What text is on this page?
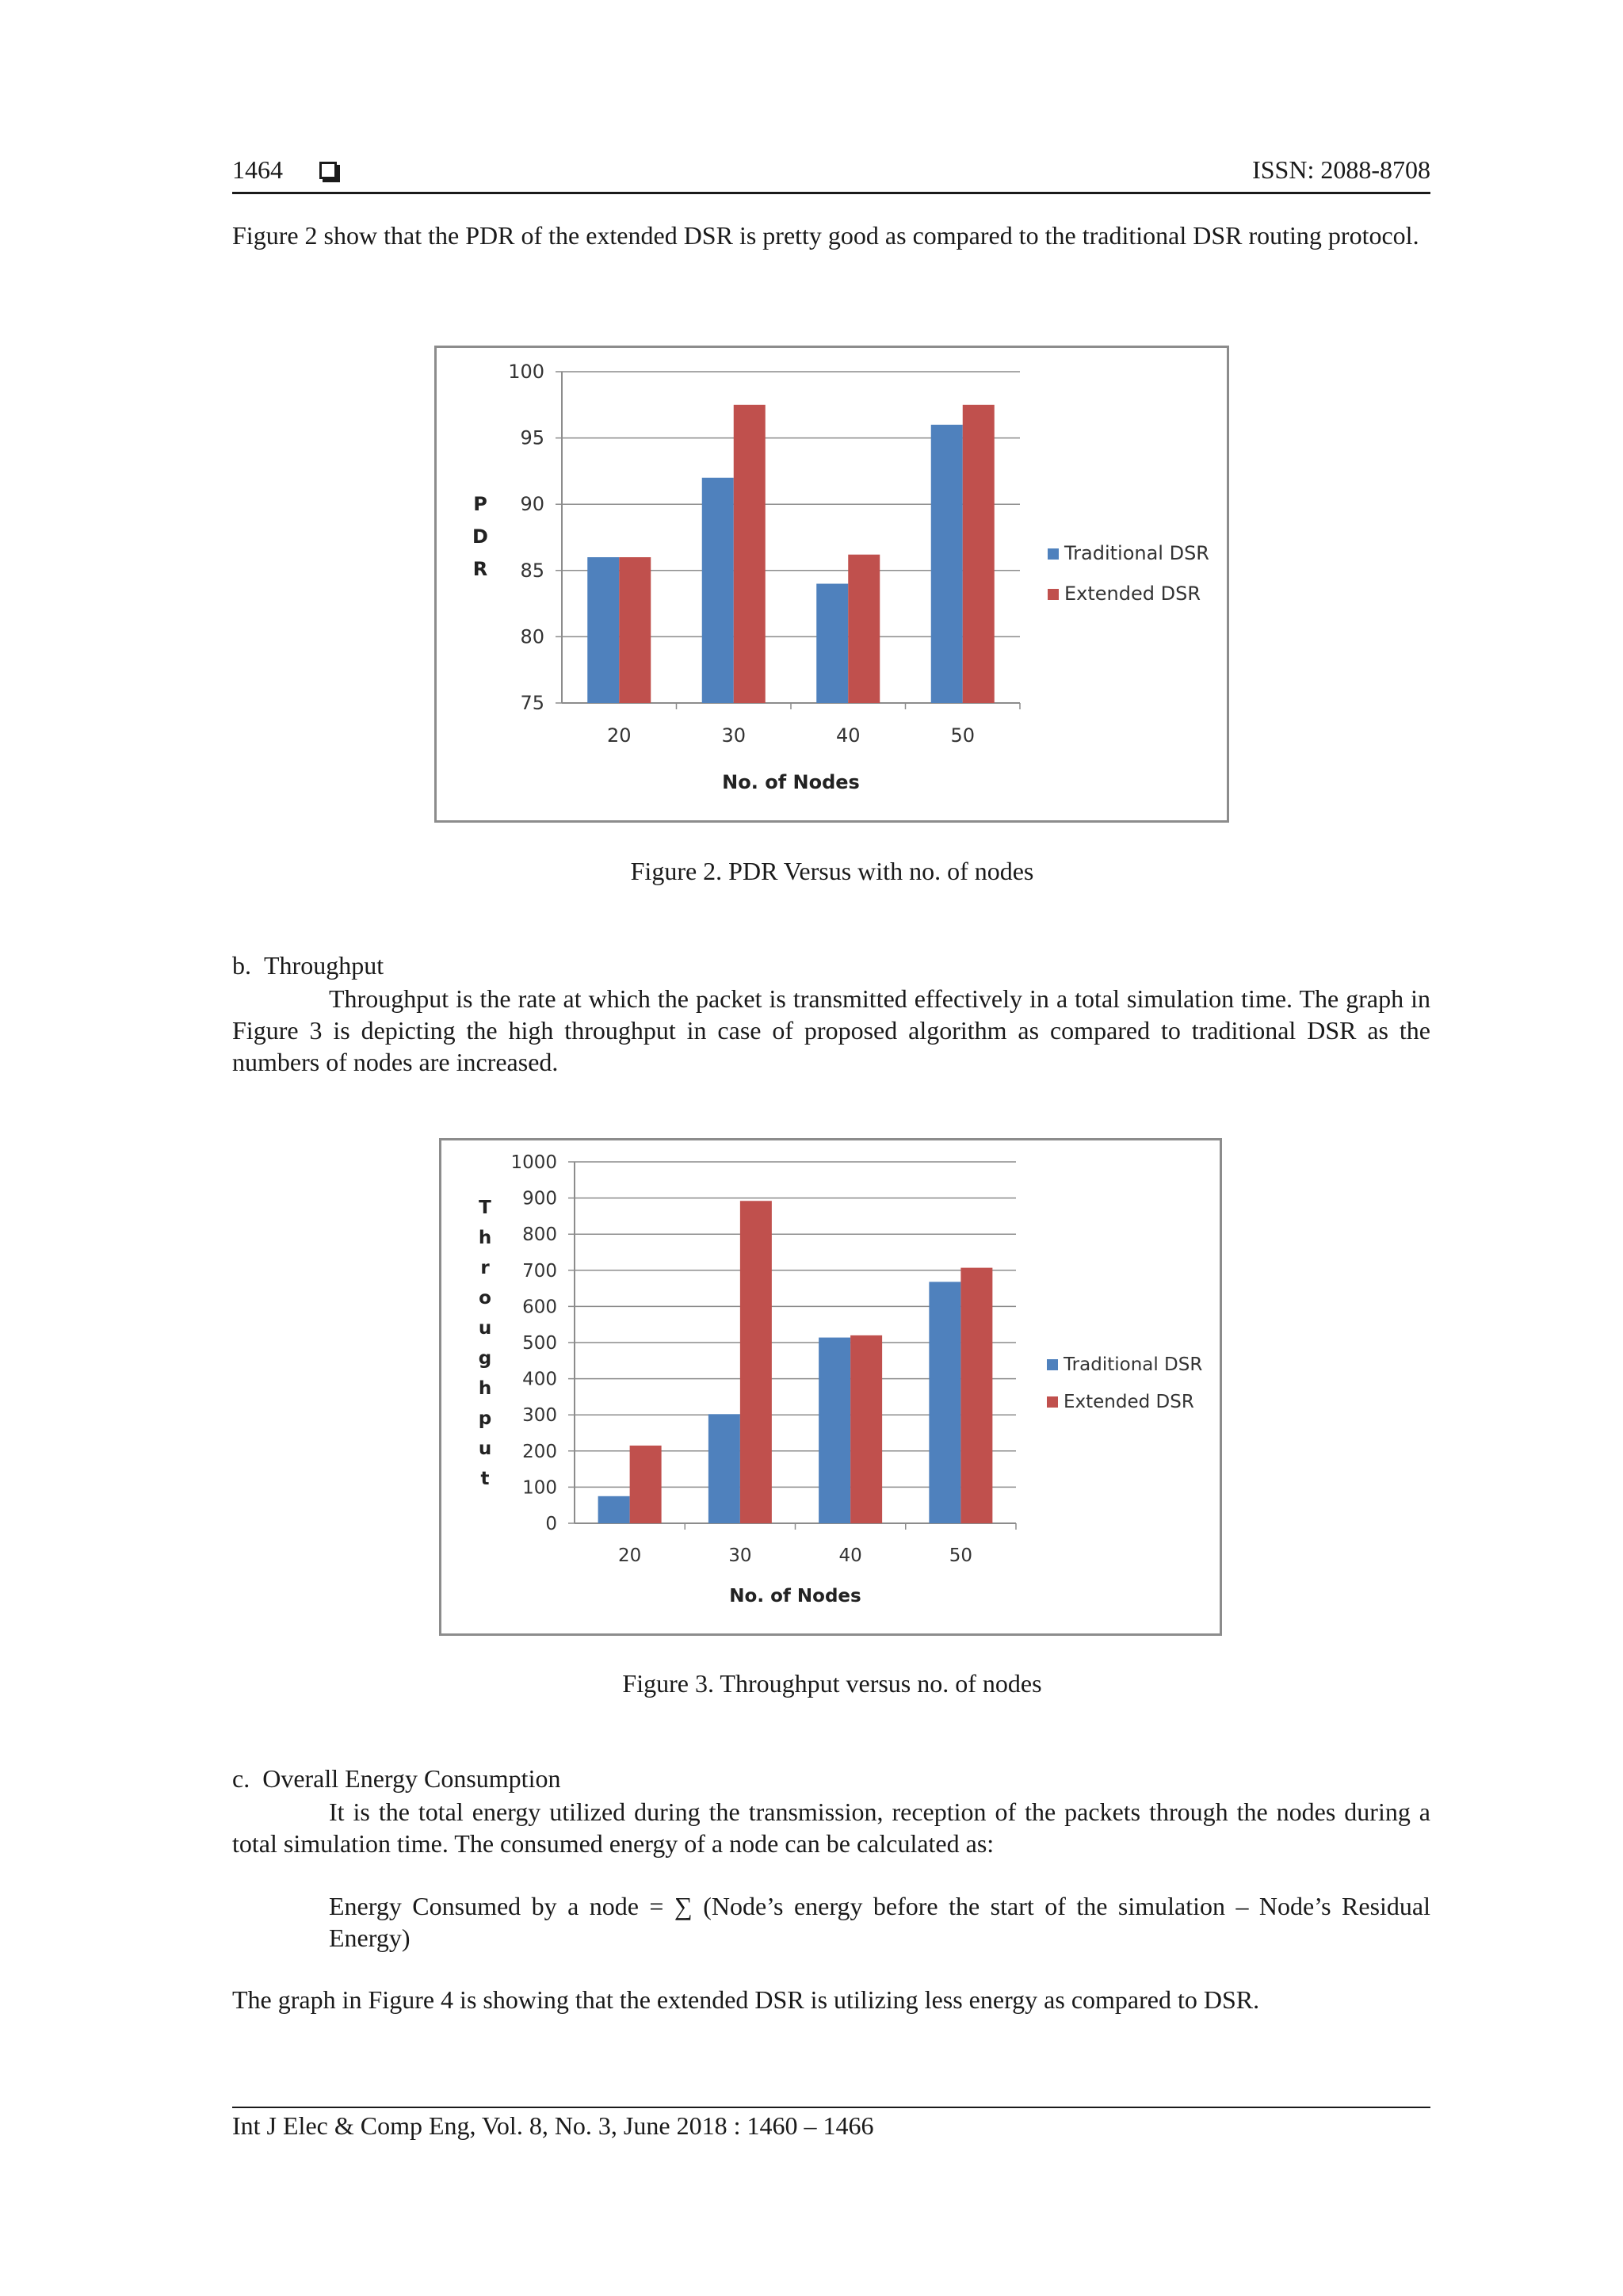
1464	ISSN: 2088-8708
Figure 2 show that the PDR of the extended DSR is pretty good as compared to the traditional DSR routing protocol.
75
80
85
90
95
100
20	30	40	50
No. of Nodes
P
D
R
Traditional DSR
Extended DSR
Figure 2. PDR Versus with no. of nodes
b.  Throughput
Throughput is the rate at which the packet is transmitted effectively in a total simulation time. The graph in Figure 3 is depicting the high throughput in case of proposed algorithm as compared to traditional DSR as the numbers of nodes are increased.
0
100
200
300
400
500
600
700
800
900
1000
20	30	40	50
No. of Nodes
T
h
r
o
u
g
h
p
u
t
Traditional DSR
Extended DSR
Figure 3. Throughput versus no. of nodes
c.  Overall Energy Consumption
It is the total energy utilized during the transmission, reception of the packets through the nodes during a total simulation time. The consumed energy of a node can be calculated as:
Energy Consumed by a node = ∑ (Node’s energy before the start of the simulation – Node’s Residual Energy)
The graph in Figure 4 is showing that the extended DSR is utilizing less energy as compared to DSR.
Int J Elec & Comp Eng, Vol. 8, No. 3, June 2018 : 1460 – 1466
